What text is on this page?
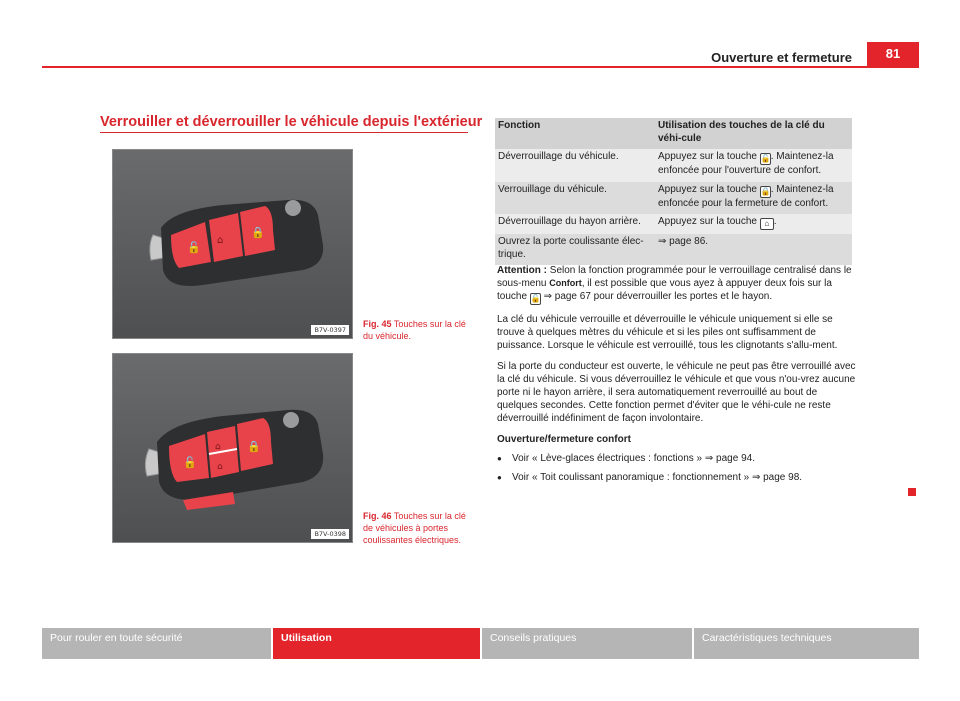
Ouverture et fermeture	81
Verrouiller et déverrouiller le véhicule depuis l'extérieur
🔓
⌂
🔒
B7V-0397
Fig. 45 Touches sur la clé du véhicule.
🔓
⌂
⌂
🔒
B7V-0398
Fig. 46 Touches sur la clé de véhicules à portes coulissantes électriques.
Fonction	Utilisation des touches de la clé du véhi-cule
Déverrouillage du véhicule.	Appuyez sur la touche 🔓. Maintenez-la enfoncée pour l'ouverture de confort.
Verrouillage du véhicule.	Appuyez sur la touche 🔒. Maintenez-la enfoncée pour la fermeture de confort.
Déverrouillage du hayon arrière.	Appuyez sur la touche ⌂ .
Ouvrez la porte coulissante élec-trique.	⇒ page 86.

Attention : Selon la fonction programmée pour le verrouillage centralisé dans le sous-menu Confort, il est possible que vous ayez à appuyer deux fois sur la touche 🔓 ⇒ page 67 pour déverrouiller les portes et le hayon.

La clé du véhicule verrouille et déverrouille le véhicule uniquement si elle se trouve à quelques mètres du véhicule et si les piles ont suffisamment de puissance. Lorsque le véhicule est verrouillé, tous les clignotants s'allu-ment.

Si la porte du conducteur est ouverte, le véhicule ne peut pas être verrouillé avec la clé du véhicule. Si vous déverrouillez le véhicule et que vous n'ou-vrez aucune porte ni le hayon arrière, il sera automatiquement reverrouillé au bout de quelques secondes. Cette fonction permet d'éviter que le véhi-cule ne reste déverrouillé indéfiniment de façon involontaire.

Ouverture/fermeture confort

● Voir « Lève-glaces électriques : fonctions » ⇒ page 94.
● Voir « Toit coulissant panoramique : fonctionnement » ⇒ page 98.
Pour rouler en toute sécurité	Utilisation	Conseils pratiques	Caractéristiques techniques
